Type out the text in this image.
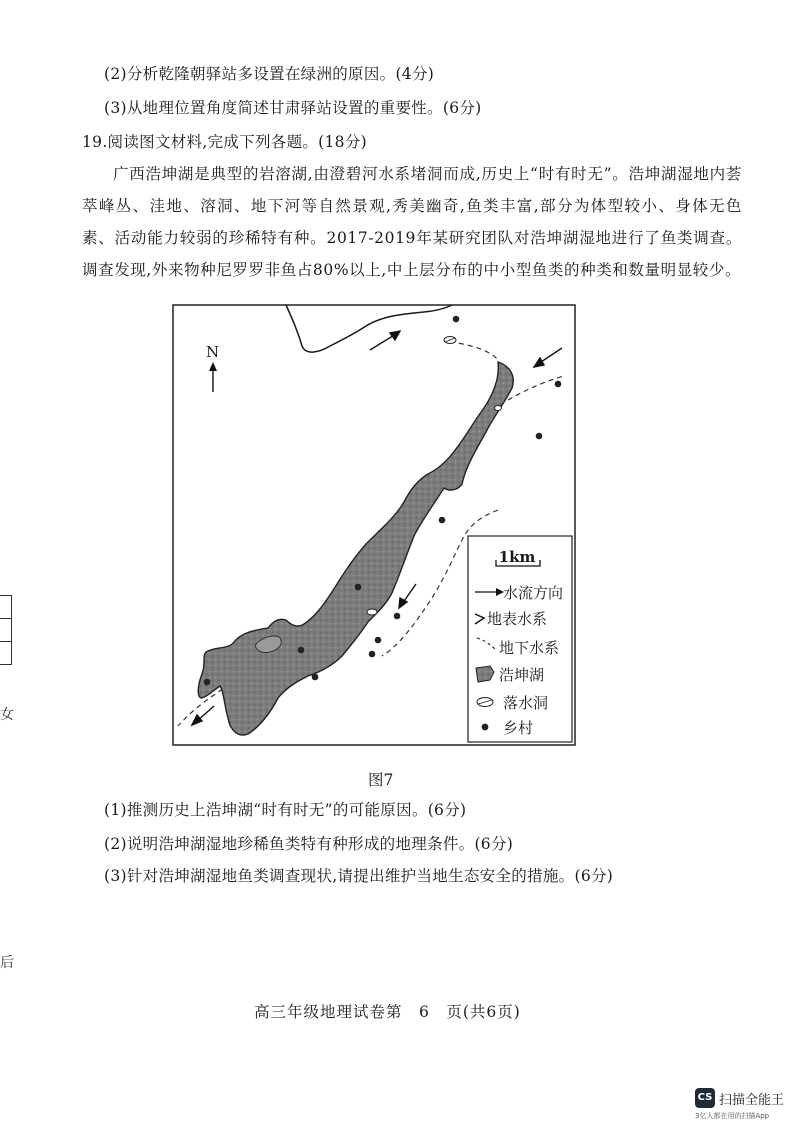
(2)分析乾隆朝驿站多设置在绿洲的原因。(4分)
(3)从地理位置角度简述甘肃驿站设置的重要性。(6分)
19.阅读图文材料,完成下列各题。(18分)
广西浩坤湖是典型的岩溶湖,由澄碧河水系堵洞而成,历史上“时有时无”。浩坤湖湿地内荟萃峰丛、洼地、溶洞、地下河等自然景观,秀美幽奇,鱼类丰富,部分为体型较小、身体无色素、活动能力较弱的珍稀特有种。2017-2019年某研究团队对浩坤湖湿地进行了鱼类调查。调查发现,外来物种尼罗罗非鱼占80%以上,中上层分布的中小型鱼类的种类和数量明显较少。
N
1km
水流方向
地表水系
地下水系
浩坤湖
落水洞
乡村
图7
(1)推测历史上浩坤湖“时有时无”的可能原因。(6分)
(2)说明浩坤湖湿地珍稀鱼类特有种形成的地理条件。(6分)
(3)针对浩坤湖湿地鱼类调查现状,请提出维护当地生态安全的措施。(6分)
高三年级地理试卷第　6　页(共6页)
女
后
CS 扫描全能王
3亿人都在用的扫描App
